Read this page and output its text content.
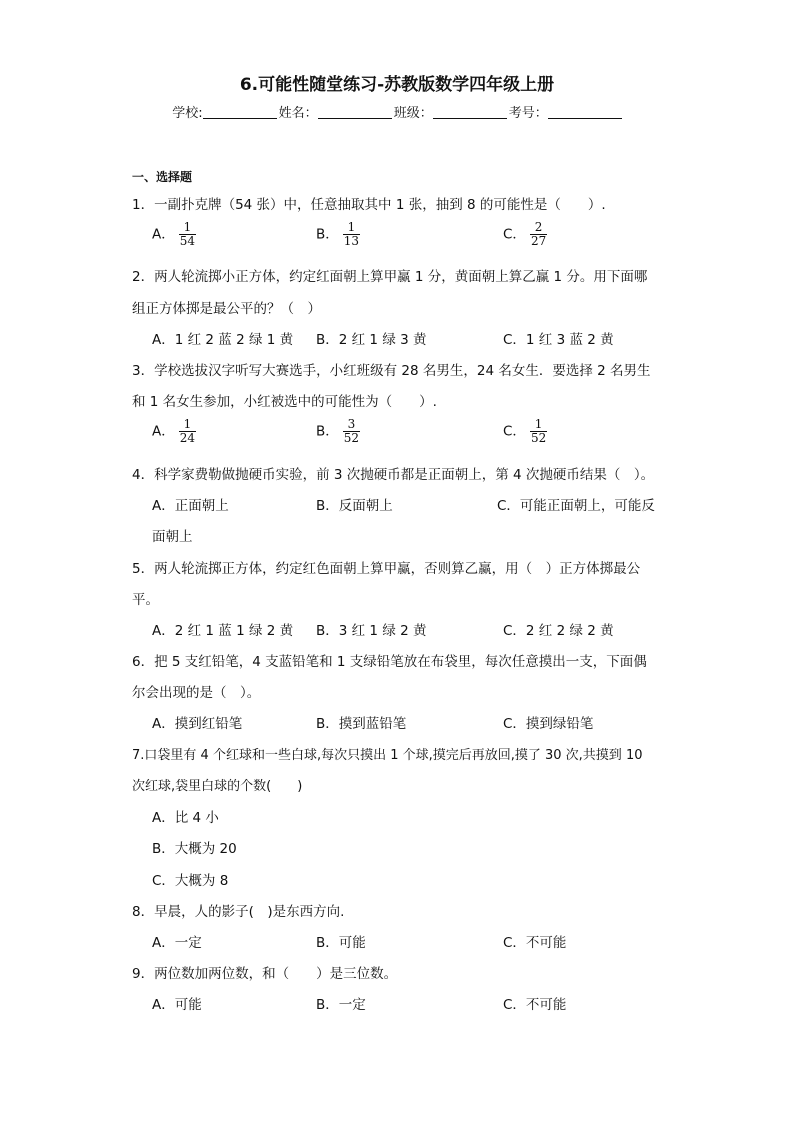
6.可能性随堂练习-苏教版数学四年级上册
学校:	姓名：	班级：	考号：
一、选择题
1．一副扑克牌（54 张）中，任意抽取其中 1 张，抽到 8 的可能性是（　　）.
A． $\frac{1}{54}$	B． $\frac{1}{13}$	C． $\frac{2}{27}$
2．两人轮流掷小正方体，约定红面朝上算甲赢 1 分，黄面朝上算乙赢 1 分。用下面哪
组正方体掷是最公平的？（　）
A．1 红 2 蓝 2 绿 1 黄 B．2 红 1 绿 3 黄	C．1 红 3 蓝 2 黄
3．学校选拔汉字听写大赛选手，小红班级有 28 名男生，24 名女生．要选择 2 名男生
和 1 名女生参加，小红被选中的可能性为（　　）.
A． $\frac{1}{24}$	B． $\frac{3}{52}$	C． $\frac{1}{52}$
4．科学家费勒做抛硬币实验，前 3 次抛硬币都是正面朝上，第 4 次抛硬币结果（　）。
A．正面朝上	B．反面朝上	C．可能正面朝上，可能反
面朝上
5．两人轮流掷正方体，约定红色面朝上算甲赢，否则算乙赢，用（　）正方体掷最公
平。
A．2 红 1 蓝 1 绿 2 黄 B．3 红 1 绿 2 黄	C．2 红 2 绿 2 黄
6．把 5 支红铅笔，4 支蓝铅笔和 1 支绿铅笔放在布袋里，每次任意摸出一支，下面偶
尔会出现的是（　）。
A．摸到红铅笔	B．摸到蓝铅笔	C．摸到绿铅笔
7.口袋里有 4 个红球和一些白球,每次只摸出 1 个球,摸完后再放回,摸了 30 次,共摸到 10
次红球,袋里白球的个数(　　)
A．比 4 小
B．大概为 20
C．大概为 8
8．早晨，人的影子(　)是东西方向.
A．一定	B．可能	C．不可能
9．两位数加两位数，和（　　）是三位数。
A．可能	B．一定	C．不可能
